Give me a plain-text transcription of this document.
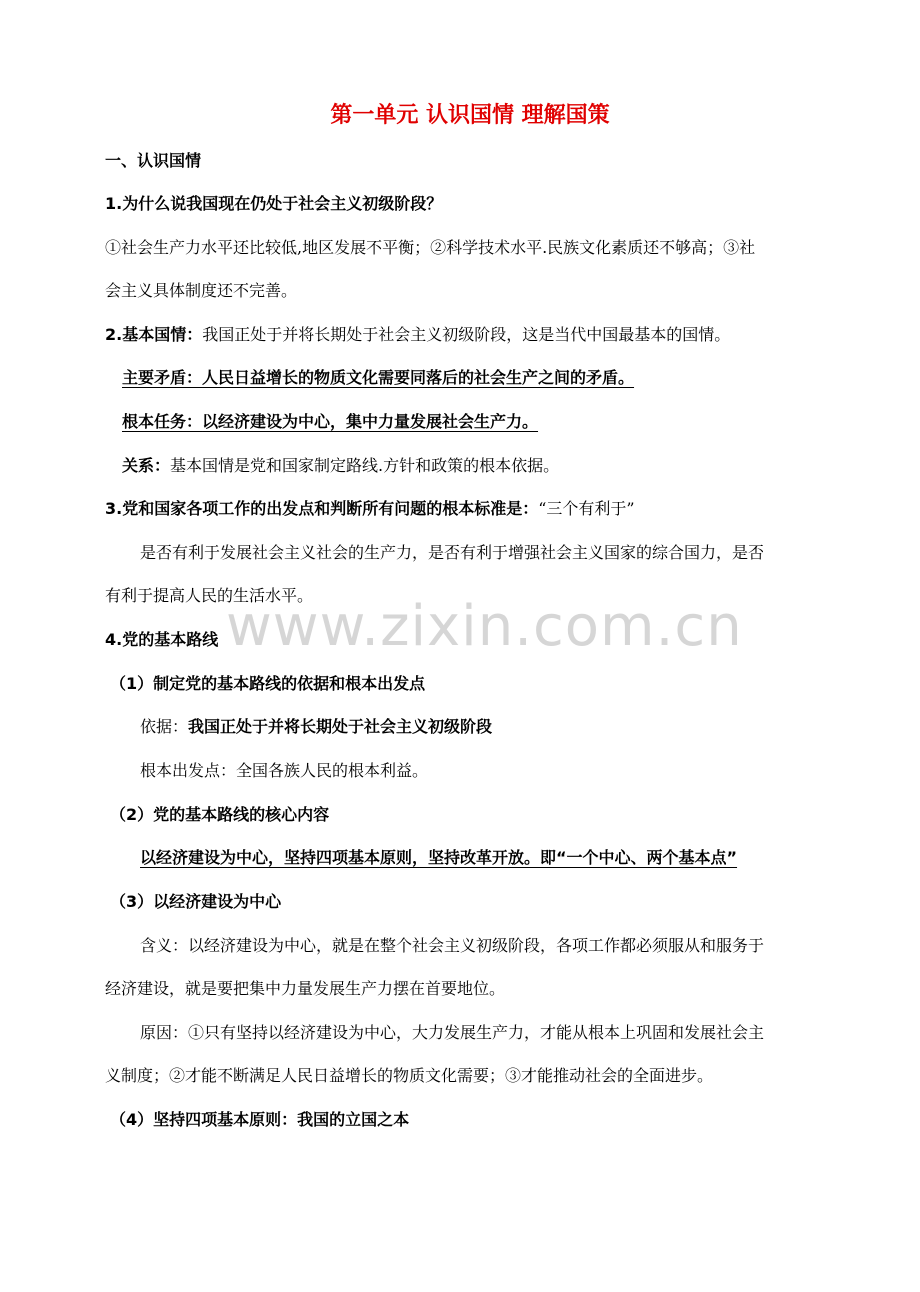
www.zixin.com.cn
第一单元 认识国情 理解国策
一、认识国情
1.为什么说我国现在仍处于社会主义初级阶段？
①社会生产力水平还比较低,地区发展不平衡；②科学技术水平.民族文化素质还不够高；③社
会主义具体制度还不完善。
2.基本国情：我国正处于并将长期处于社会主义初级阶段，这是当代中国最基本的国情。
主要矛盾：人民日益增长的物质文化需要同落后的社会生产之间的矛盾。
根本任务：以经济建设为中心，集中力量发展社会生产力。
关系：基本国情是党和国家制定路线.方针和政策的根本依据。
3.党和国家各项工作的出发点和判断所有问题的根本标准是：“三个有利于”
是否有利于发展社会主义社会的生产力，是否有利于增强社会主义国家的综合国力，是否
有利于提高人民的生活水平。
4.党的基本路线
（1）制定党的基本路线的依据和根本出发点
依据：我国正处于并将长期处于社会主义初级阶段
根本出发点：全国各族人民的根本利益。
（2）党的基本路线的核心内容
以经济建设为中心，坚持四项基本原则，坚持改革开放。即“一个中心、两个基本点”
（3）以经济建设为中心
含义：以经济建设为中心，就是在整个社会主义初级阶段，各项工作都必须服从和服务于
经济建设，就是要把集中力量发展生产力摆在首要地位。
原因：①只有坚持以经济建设为中心，大力发展生产力，才能从根本上巩固和发展社会主
义制度；②才能不断满足人民日益增长的物质文化需要；③才能推动社会的全面进步。
（4）坚持四项基本原则：我国的立国之本
